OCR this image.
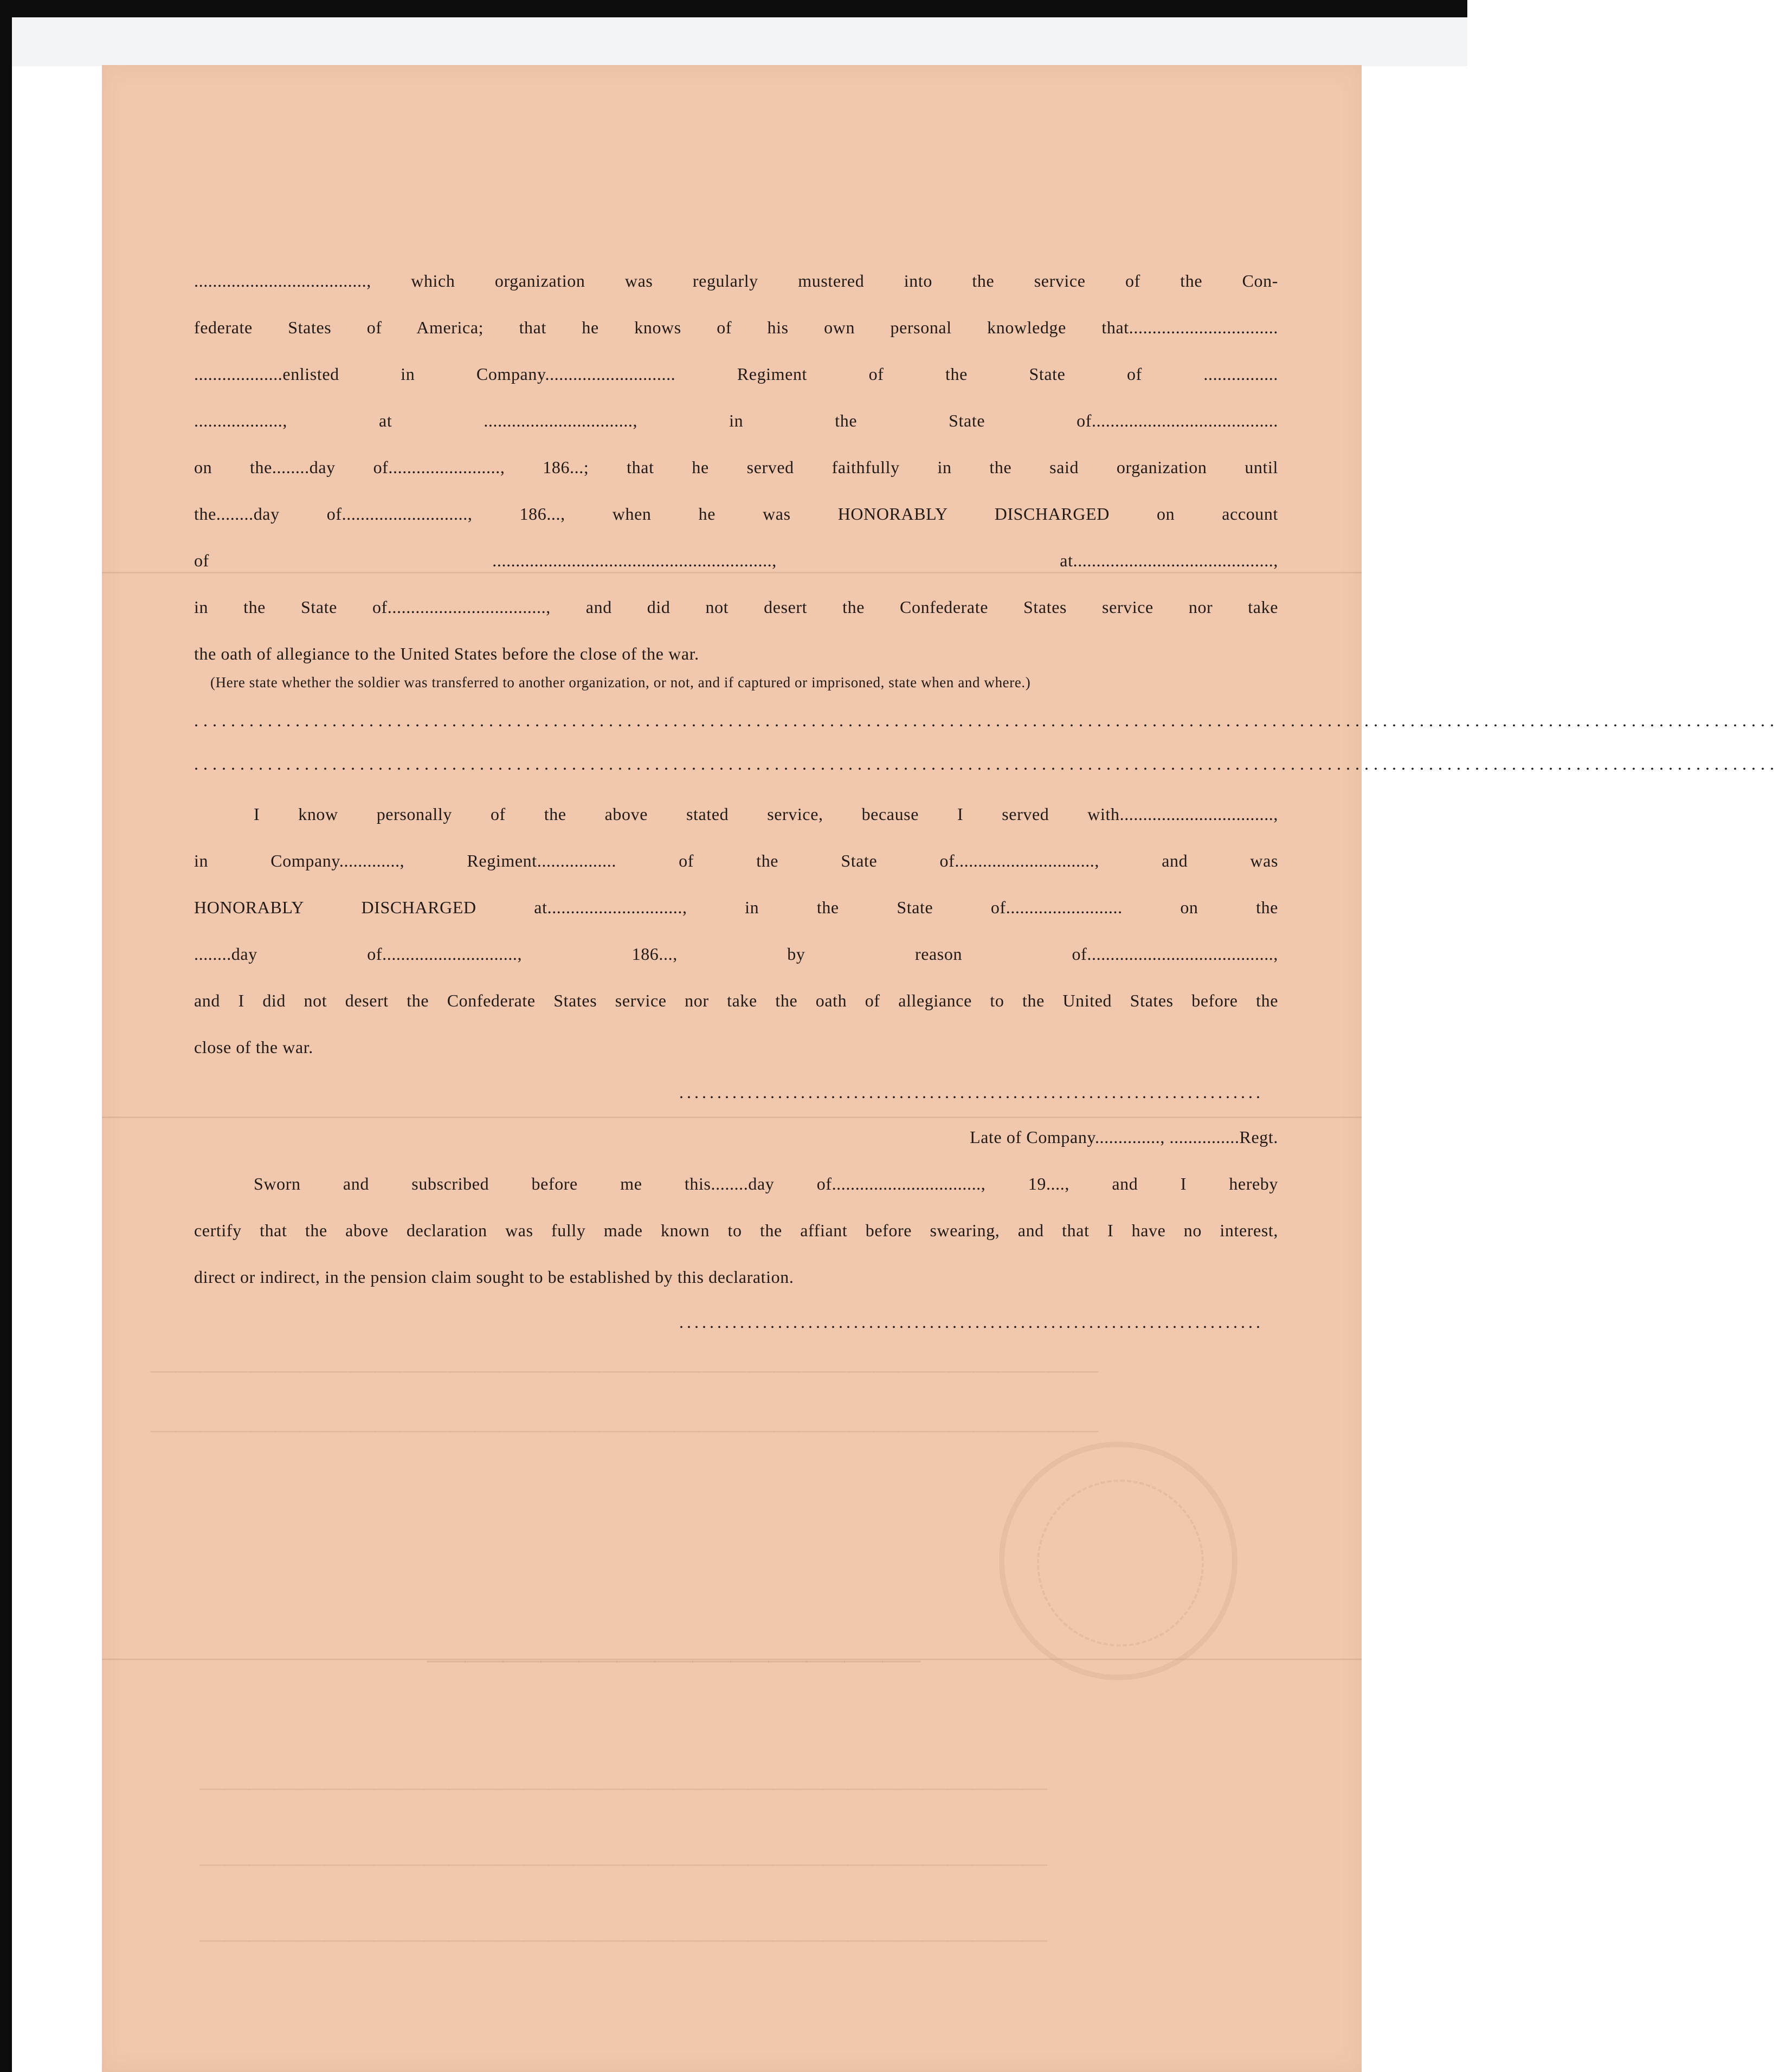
——————————————————————————————————————
——————————————————————————————————————
—————————————
——————————————————————————————————
——————————————————————————————————
——————————————————————————————————
....................................., which organization was regularly mustered into the service of the Con-
federate States of America; that he knows of his own personal knowledge that................................
...................enlisted in Company............................ Regiment of the State of ................
..................., at ................................, in the State of........................................
on the........day of........................, 186...; that he served faithfully in the said organization until
the........day of..........................., 186..., when he was HONORABLY DISCHARGED on account
of ............................................................, at...........................................,
in the State of.................................., and did not desert the Confederate States service nor take
the oath of allegiance to the United States before the close of the war.
(Here state whether the soldier was transferred to another organization, or not, and if captured or imprisoned, state when and where.)
............................................................................................................................................................................
............................................................................................................................................................................
I know personally of the above stated service, because I served with.................................,
in Company............., Regiment................. of the State of.............................., and was
HONORABLY DISCHARGED at............................., in the State of......................... on the
........day of............................., 186..., by reason of........................................,
and I did not desert the Confederate States service nor take the oath of allegiance to the United States before the
close of the war.
.............................................................................
Late of Company.............., ...............Regt.
Sworn and subscribed before me this........day of................................, 19...., and I hereby
certify that the above declaration was fully made known to the affiant before swearing, and that I have no interest,
direct or indirect, in the pension claim sought to be established by this declaration.
.............................................................................
